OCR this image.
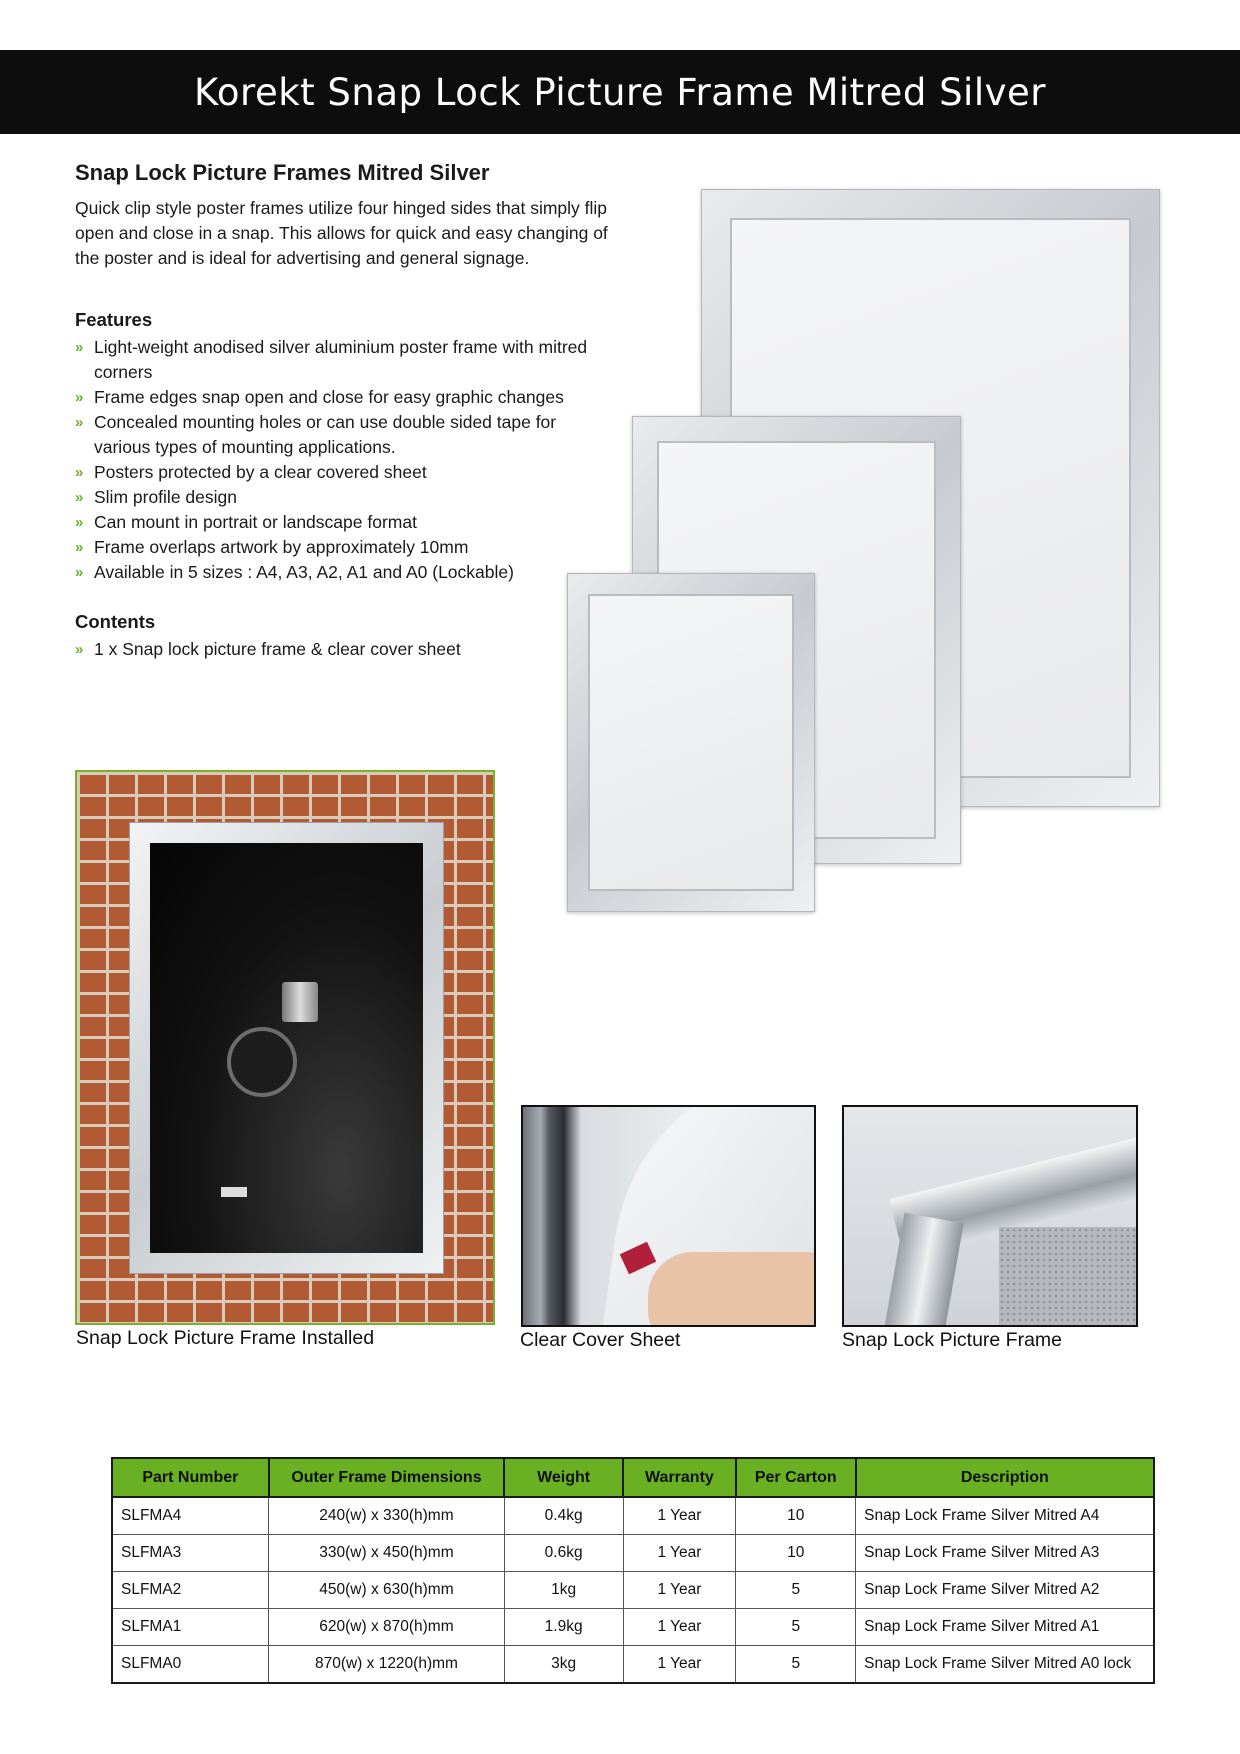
Korekt Snap Lock Picture Frame Mitred Silver
Snap Lock Picture Frames Mitred Silver

Quick clip style poster frames utilize four hinged sides that simply flip open and close in a snap. This allows for quick and easy changing of the poster and is ideal for advertising and general signage.

Features
» Light-weight anodised silver aluminium poster frame with mitred corners
» Frame edges snap open and close for easy graphic changes
» Concealed mounting holes or can use double sided tape for various types of mounting applications.
» Posters protected by a clear covered sheet
» Slim profile design
» Can mount in portrait or landscape format
» Frame overlaps artwork by approximately 10mm
» Available in 5 sizes : A4, A3, A2, A1 and A0 (Lockable)
Contents
» 1 x Snap lock picture frame & clear cover sheet
Snap Lock Picture Frame Installed	Clear Cover Sheet	Snap Lock Picture Frame
Part Number	Outer Frame Dimensions	Weight	Warranty	Per Carton	Description
SLFMA4	240(w) x 330(h)mm	0.4kg	1 Year	10	Snap Lock Frame Silver Mitred A4
SLFMA3	330(w) x 450(h)mm	0.6kg	1 Year	10	Snap Lock Frame Silver Mitred A3
SLFMA2	450(w) x 630(h)mm	1kg	1 Year	5	Snap Lock Frame Silver Mitred A2
SLFMA1	620(w) x 870(h)mm	1.9kg	1 Year	5	Snap Lock Frame Silver Mitred A1
SLFMA0	870(w) x 1220(h)mm	3kg	1 Year	5	Snap Lock Frame Silver Mitred A0 lock
